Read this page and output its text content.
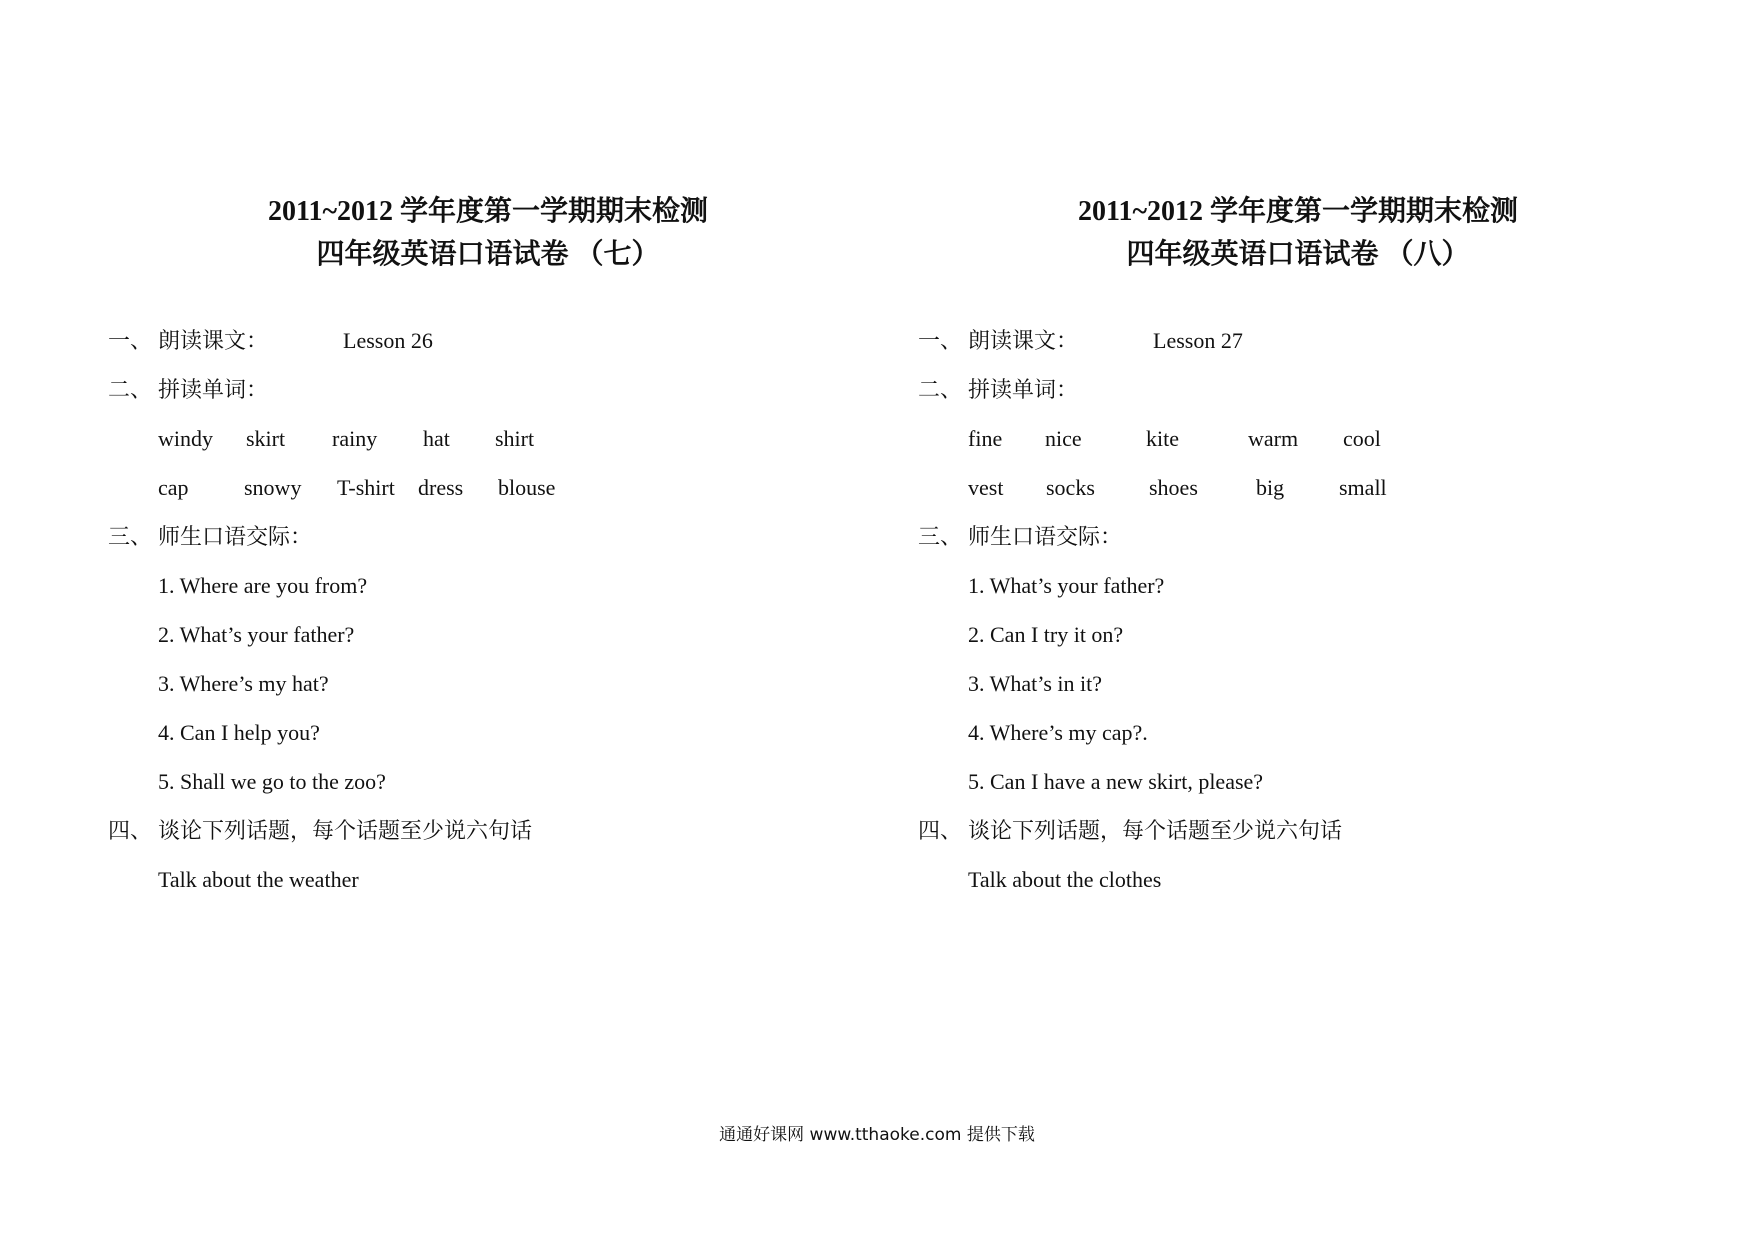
2011~2012 学年度第一学期期末检测
四年级英语口语试卷 （七）
一、 朗读课文：	Lesson 26
二、 拼读单词：
windy skirt rainy hat shirt
cap	snowy T-shirt dress blouse
三、 师生口语交际：
1. Where are you from?
2. What’s your father?
3. Where’s my hat?
4. Can I help you?
5. Shall we go to the zoo?
四、 谈论下列话题，每个话题至少说六句话
Talk about the weather
2011~2012 学年度第一学期期末检测
四年级英语口语试卷 （八）
一、 朗读课文：	Lesson 27
二、 拼读单词：
fine nice	kite	warm cool
vest socks shoes	big small
三、 师生口语交际：
1. What’s your father?
2. Can I try it on?
3. What’s in it?
4. Where’s my cap?.
5. Can I have a new skirt, please?
四、 谈论下列话题，每个话题至少说六句话
Talk about the clothes
通通好课网 www.tthaoke.com 提供下载
